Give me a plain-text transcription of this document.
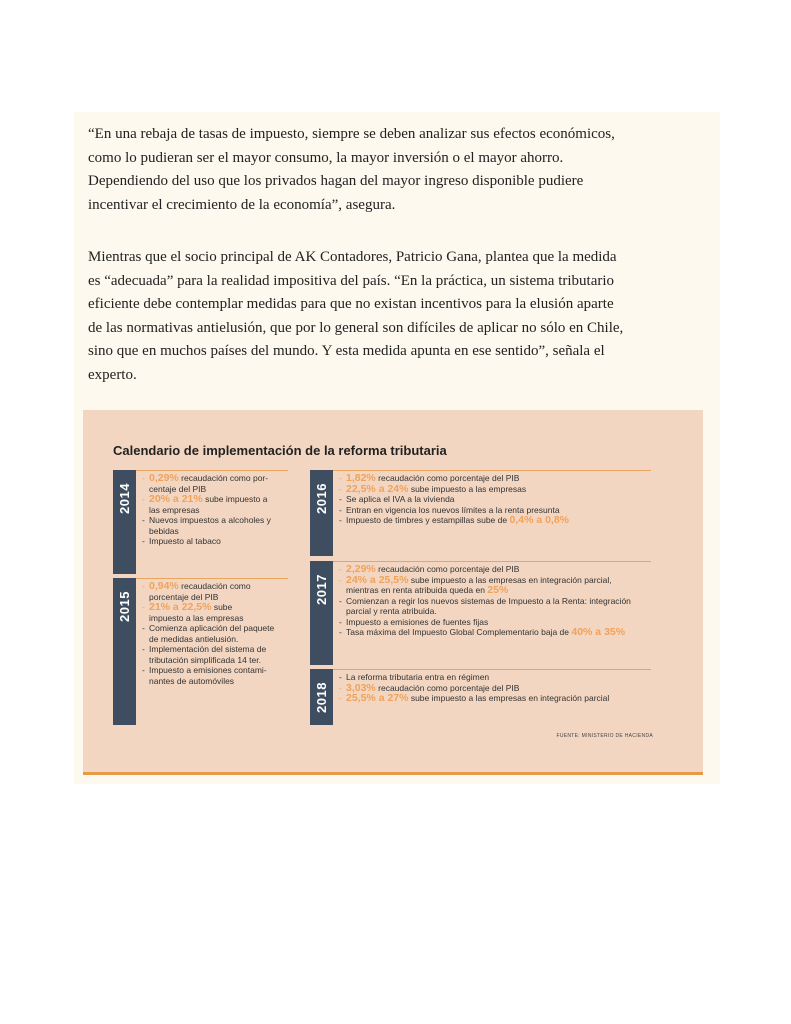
“En una rebaja de tasas de impuesto, siempre se deben analizar sus efectos económicos,
como lo pudieran ser el mayor consumo, la mayor inversión o el mayor ahorro.
Dependiendo del uso que los privados hagan del mayor ingreso disponible pudiere
incentivar el crecimiento de la economía”, asegura.

Mientras que el socio principal de AK Contadores, Patricio Gana, plantea que la medida
es “adecuada” para la realidad impositiva del país. “En la práctica, un sistema tributario
eficiente debe contemplar medidas para que no existan incentivos para la elusión aparte
de las normativas antielusión, que por lo general son difíciles de aplicar no sólo en Chile,
sino que en muchos países del mundo. Y esta medida apunta en ese sentido”, señala el
experto.

Calendario de implementación de la reforma tributaria
2014
- 0,29% recaudación como por-
centaje del PIB
- 20% a 21% sube impuesto a
las empresas
- Nuevos impuestos a alcoholes y
bebidas
- Impuesto al tabaco
2015
- 0,94% recaudación como
porcentaje del PIB
- 21% a 22,5% sube
impuesto a las empresas
- Comienza aplicación del paquete
de medidas antielusión.
- Implementación del sistema de
tributación simplificada 14 ter.
- Impuesto a emisiones contami-
nantes de automóviles
2016
- 1,82% recaudación como porcentaje del PIB
- 22,5% a 24% sube impuesto a las empresas
- Se aplica el IVA a la vivienda
- Entran en vigencia los nuevos límites a la renta presunta
- Impuesto de timbres y estampillas sube de 0,4% a 0,8%
2017
- 2,29% recaudación como porcentaje del PIB
- 24% a 25,5% sube impuesto a las empresas en integración parcial,
mientras en renta atribuida queda en 25%
- Comienzan a regir los nuevos sistemas de Impuesto a la Renta: integración
parcial y renta atribuida.
- Impuesto a emisiones de fuentes fijas
- Tasa máxima del Impuesto Global Complementario baja de 40% a 35%
2018
- La reforma tributaria entra en régimen
- 3,03% recaudación como porcentaje del PIB
- 25,5% a 27% sube impuesto a las empresas en integración parcial
FUENTE: MINISTERIO DE HACIENDA
